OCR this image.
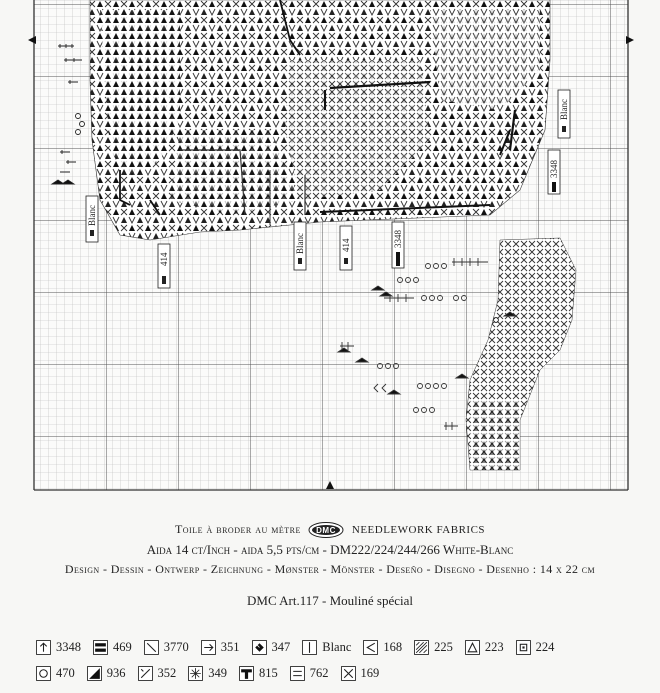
Blanc
3348
Blanc
414
Blanc	414	3348
Toile à broder au mètre DMC NEEDLEWORK FABRICS
Aida 14 ct/Inch - aida 5,5 pts/cm - DM222/224/244/266 White-Blanc
Design - Dessin - Ontwerp - Zeichnung - Mønster - Mönster - Deseño - Disegno - Desenho : 14 x 22 cm
DMC Art.117 - Mouliné spécial
3348	469	3770	351	347	Blanc	168	225	223	224
470	936	352	349	815	762	169
